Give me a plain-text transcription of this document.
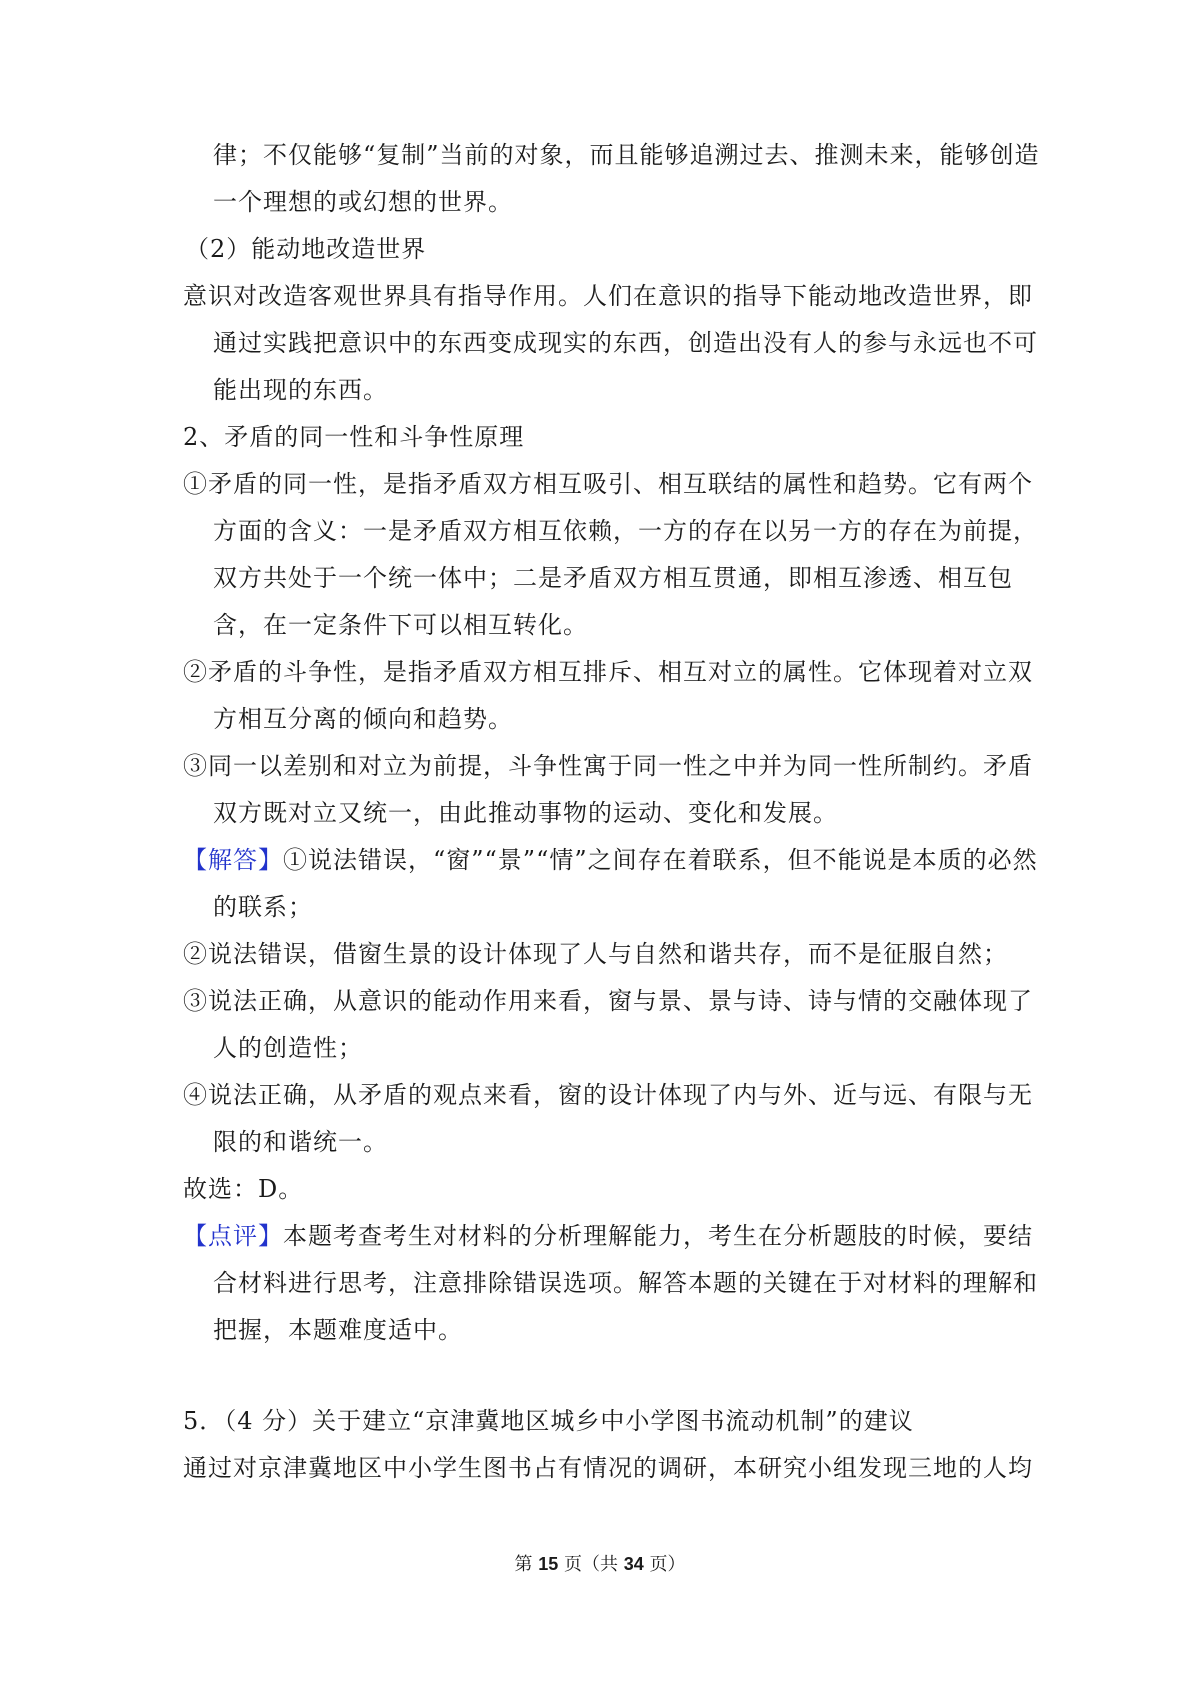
律；不仅能够“复制”当前的对象，而且能够追溯过去、推测未来，能够创造
一个理想的或幻想的世界。
（2）能动地改造世界
意识对改造客观世界具有指导作用。人们在意识的指导下能动地改造世界，即
通过实践把意识中的东西变成现实的东西，创造出没有人的参与永远也不可
能出现的东西。
2、矛盾的同一性和斗争性原理
①矛盾的同一性，是指矛盾双方相互吸引、相互联结的属性和趋势。它有两个
方面的含义：一是矛盾双方相互依赖，一方的存在以另一方的存在为前提，
双方共处于一个统一体中；二是矛盾双方相互贯通，即相互渗透、相互包
含，在一定条件下可以相互转化。
②矛盾的斗争性，是指矛盾双方相互排斥、相互对立的属性。它体现着对立双
方相互分离的倾向和趋势。
③同一以差别和对立为前提，斗争性寓于同一性之中并为同一性所制约。矛盾
双方既对立又统一，由此推动事物的运动、变化和发展。
【解答】①说法错误，“窗”“景”“情”之间存在着联系，但不能说是本质的必然
的联系；
②说法错误，借窗生景的设计体现了人与自然和谐共存，而不是征服自然；
③说法正确，从意识的能动作用来看，窗与景、景与诗、诗与情的交融体现了
人的创造性；
④说法正确，从矛盾的观点来看，窗的设计体现了内与外、近与远、有限与无
限的和谐统一。
故选：D。
【点评】本题考查考生对材料的分析理解能力，考生在分析题肢的时候，要结
合材料进行思考，注意排除错误选项。解答本题的关键在于对材料的理解和
把握，本题难度适中。
5．（4 分）关于建立“京津冀地区城乡中小学图书流动机制”的建议
通过对京津冀地区中小学生图书占有情况的调研，本研究小组发现三地的人均
第 15 页（共 34 页）
